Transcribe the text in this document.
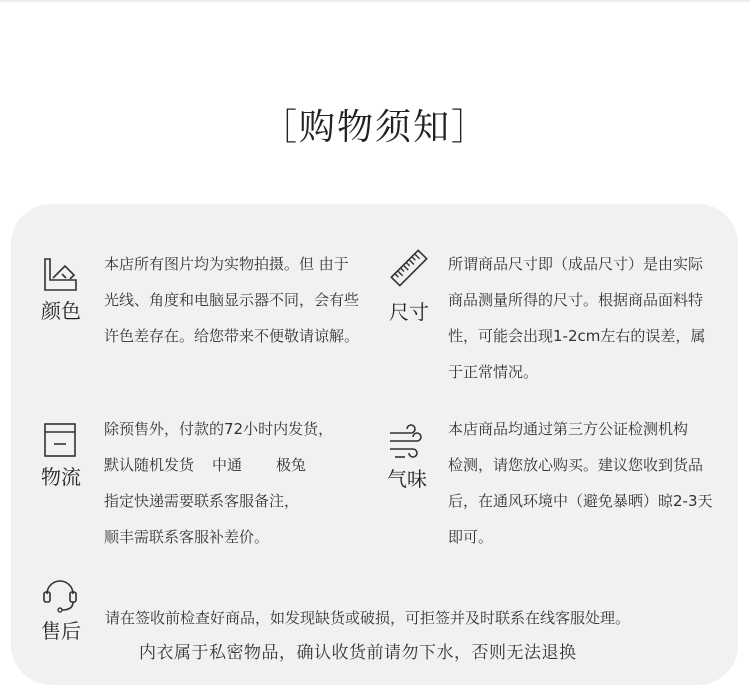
［购物须知］
颜色
本店所有图片均为实物拍摄。但 由于
光线、角度和电脑显示器不同，会有些
许色差存在。给您带来不便敬请谅解。
尺寸
所谓商品尺寸即（成品尺寸）是由实际
商品测量所得的尺寸。根据商品面料特
性，可能会出现1-2cm左右的误差，属
于正常情况。
物流
除预售外，付款的72小时内发货，
默认随机发货 中通 极兔
指定快递需要联系客服备注，
顺丰需联系客服补差价。
气味
本店商品均通过第三方公证检测机构
检测，请您放心购买。建议您收到货品
后，在通风环境中（避免暴晒）晾2-3天
即可。
售后
请在签收前检查好商品，如发现缺货或破损，可拒签并及时联系在线客服处理。
内衣属于私密物品，确认收货前请勿下水，否则无法退换
